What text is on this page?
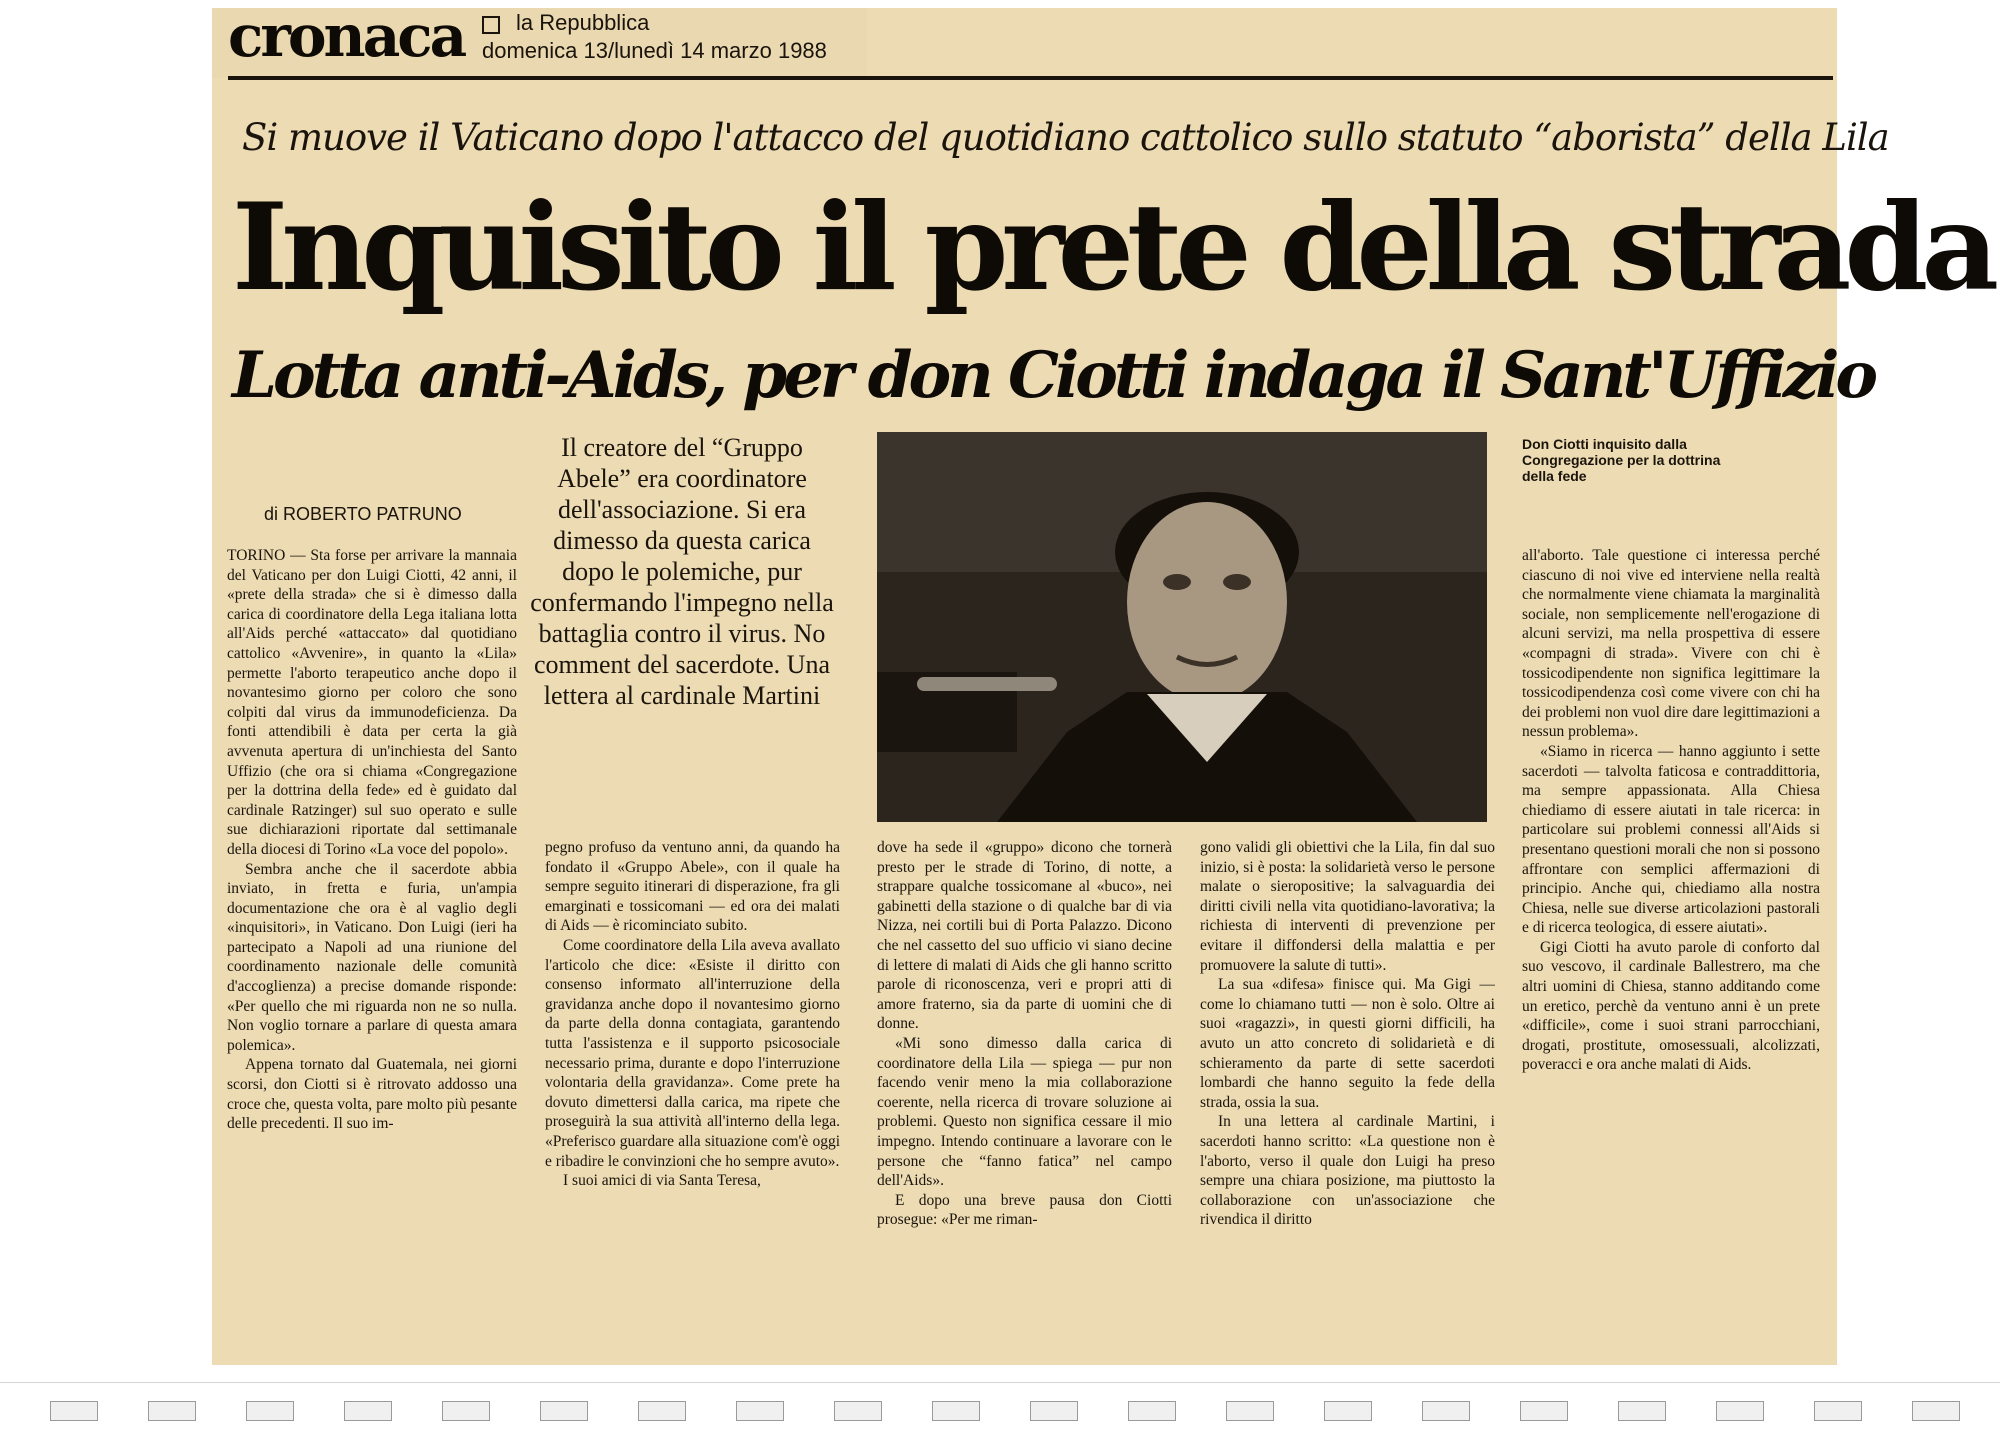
cronaca la Repubblica
domenica 13/lunedì 14 marzo 1988
Si muove il Vaticano dopo l'attacco del quotidiano cattolico sullo statuto “aborista” della Lila
Inquisito il prete della strada
Lotta anti-Aids, per don Ciotti indaga il Sant'Uffizio
di ROBERTO PATRUNO
Il creatore del “Gruppo Abele” era coordinatore dell'associazione. Si era dimesso da questa carica dopo le polemiche, pur confermando l'impegno nella battaglia contro il virus. No comment del sacerdote. Una lettera al cardinale Martini
Don Ciotti inquisito dalla Congregazione per la dottrina della fede

TORINO — Sta forse per arrivare la mannaia del Vaticano per don Luigi Ciotti, 42 anni, il «prete della strada» che si è dimesso dalla carica di coordinatore della Lega italiana lotta all'Aids perché «attaccato» dal quotidiano cattolico «Avvenire», in quanto la «Lila» permette l'aborto terapeutico anche dopo il novantesimo giorno per coloro che sono colpiti dal virus da immunodeficienza. Da fonti attendibili è data per certa la già avvenuta apertura di un'inchiesta del Santo Uffizio (che ora si chiama «Congregazione per la dottrina della fede» ed è guidato dal cardinale Ratzinger) sul suo operato e sulle sue dichiarazioni riportate dal settimanale della diocesi di Torino «La voce del popolo».

Sembra anche che il sacerdote abbia inviato, in fretta e furia, un'ampia documentazione che ora è al vaglio degli «inquisitori», in Vaticano. Don Luigi (ieri ha partecipato a Napoli ad una riunione del coordinamento nazionale delle comunità d'accoglienza) a precise domande risponde: «Per quello che mi riguarda non ne so nulla. Non voglio tornare a parlare di questa amara polemica».

Appena tornato dal Guatemala, nei giorni scorsi, don Ciotti si è ritrovato addosso una croce che, questa volta, pare molto più pesante delle precedenti. Il suo im-

pegno profuso da ventuno anni, da quando ha fondato il «Gruppo Abele», con il quale ha sempre seguito itinerari di disperazione, fra gli emarginati e tossicomani — ed ora dei malati di Aids — è ricominciato subito.

Come coordinatore della Lila aveva avallato l'articolo che dice: «Esiste il diritto con consenso informato all'interruzione della gravidanza anche dopo il novantesimo giorno da parte della donna contagiata, garantendo tutta l'assistenza e il supporto psicosociale necessario prima, durante e dopo l'interruzione volontaria della gravidanza». Come prete ha dovuto dimettersi dalla carica, ma ripete che proseguirà la sua attività all'interno della lega. «Preferisco guardare alla situazione com'è oggi e ribadire le convinzioni che ho sempre avuto».

I suoi amici di via Santa Teresa,

dove ha sede il «gruppo» dicono che tornerà presto per le strade di Torino, di notte, a strappare qualche tossicomane al «buco», nei gabinetti della stazione o di qualche bar di via Nizza, nei cortili bui di Porta Palazzo. Dicono che nel cassetto del suo ufficio vi siano decine di lettere di malati di Aids che gli hanno scritto parole di riconoscenza, veri e propri atti di amore fraterno, sia da parte di uomini che di donne.

«Mi sono dimesso dalla carica di coordinatore della Lila — spiega — pur non facendo venir meno la mia collaborazione coerente, nella ricerca di trovare soluzione ai problemi. Questo non significa cessare il mio impegno. Intendo continuare a lavorare con le persone che “fanno fatica” nel campo dell'Aids».

E dopo una breve pausa don Ciotti prosegue: «Per me riman-

gono validi gli obiettivi che la Lila, fin dal suo inizio, si è posta: la solidarietà verso le persone malate o sieropositive; la salvaguardia dei diritti civili nella vita quotidiano-lavorativa; la richiesta di interventi di prevenzione per evitare il diffondersi della malattia e per promuovere la salute di tutti».

La sua «difesa» finisce qui. Ma Gigi — come lo chiamano tutti — non è solo. Oltre ai suoi «ragazzi», in questi giorni difficili, ha avuto un atto concreto di solidarietà e di schieramento da parte di sette sacerdoti lombardi che hanno seguito la fede della strada, ossia la sua.

In una lettera al cardinale Martini, i sacerdoti hanno scritto: «La questione non è l'aborto, verso il quale don Luigi ha preso sempre una chiara posizione, ma piuttosto la collaborazione con un'associazione che rivendica il diritto

all'aborto. Tale questione ci interessa perché ciascuno di noi vive ed interviene nella realtà che normalmente viene chiamata la marginalità sociale, non semplicemente nell'erogazione di alcuni servizi, ma nella prospettiva di essere «compagni di strada». Vivere con chi è tossicodipendente non significa legittimare la tossicodipendenza così come vivere con chi ha dei problemi non vuol dire dare legittimazioni a nessun problema».

«Siamo in ricerca — hanno aggiunto i sette sacerdoti — talvolta faticosa e contraddittoria, ma sempre appassionata. Alla Chiesa chiediamo di essere aiutati in tale ricerca: in particolare sui problemi connessi all'Aids si presentano questioni morali che non si possono affrontare con semplici affermazioni di principio. Anche qui, chiediamo alla nostra Chiesa, nelle sue diverse articolazioni pastorali e di ricerca teologica, di essere aiutati».

Gigi Ciotti ha avuto parole di conforto dal suo vescovo, il cardinale Ballestrero, ma che altri uomini di Chiesa, stanno additando come un eretico, perchè da ventuno anni è un prete «difficile», come i suoi strani parrocchiani, drogati, prostitute, omosessuali, alcolizzati, poveracci e ora anche malati di Aids.
